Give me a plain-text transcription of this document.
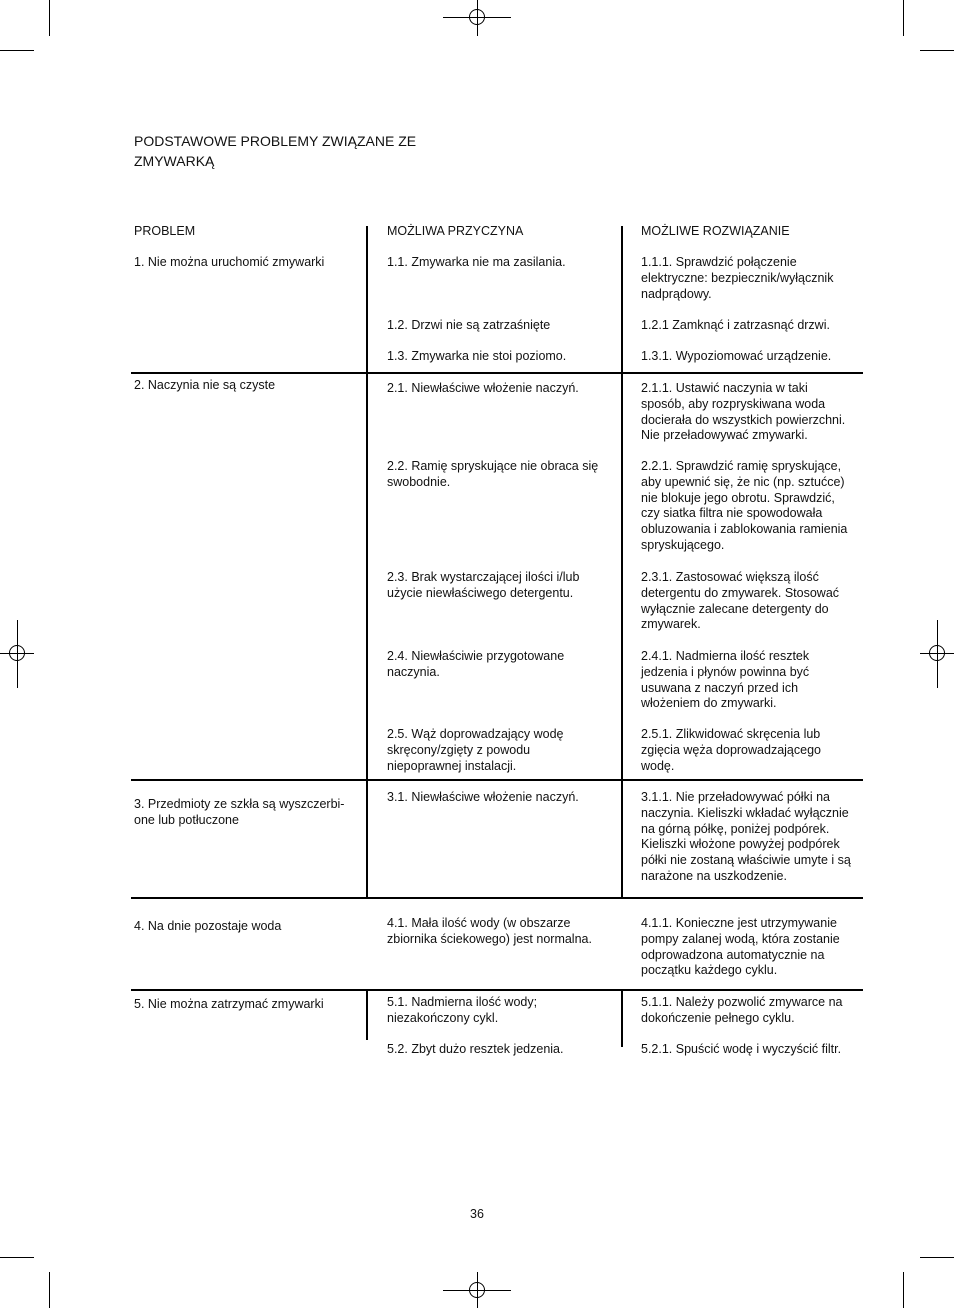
PODSTAWOWE PROBLEMY ZWIĄZANE ZE
ZMYWARKĄ
PROBLEM	MOŻLIWA PRZYCZYNA	MOŻLIWE ROZWIĄZANIE
1. Nie można uruchomić zmywarki
2. Naczynia nie są czyste
3. Przedmioty ze szkła są wyszczerbi-
one lub potłuczone
4. Na dnie pozostaje woda
5. Nie można zatrzymać zmywarki
1.1. Zmywarka nie ma zasilania.
1.2. Drzwi nie są zatrzaśnięte
1.3. Zmywarka nie stoi poziomo.
2.1. Niewłaściwe włożenie naczyń.
2.2. Ramię spryskujące nie obraca się
swobodnie.
2.3. Brak wystarczającej ilości i/lub
użycie niewłaściwego detergentu.
2.4. Niewłaściwie przygotowane
naczynia.
2.5. Wąż doprowadzający wodę
skręcony/zgięty z powodu
niepoprawnej instalacji.
3.1. Niewłaściwe włożenie naczyń.
4.1. Mała ilość wody (w obszarze
zbiornika ściekowego) jest normalna.
5.1. Nadmierna ilość wody;
niezakończony cykl.
5.2. Zbyt dużo resztek jedzenia.
1.1.1. Sprawdzić połączenie
elektryczne: bezpiecznik/wyłącznik
nadprądowy.
1.2.1 Zamknąć i zatrzasnąć drzwi.
1.3.1. Wypoziomować urządzenie.
2.1.1. Ustawić naczynia w taki
sposób, aby rozpryskiwana woda
docierała do wszystkich powierzchni.
Nie przeładowywać zmywarki.
2.2.1. Sprawdzić ramię spryskujące,
aby upewnić się, że nic (np. sztućce)
nie blokuje jego obrotu. Sprawdzić,
czy siatka filtra nie spowodowała
obluzowania i zablokowania ramienia
spryskującego.
2.3.1. Zastosować większą ilość
detergentu do zmywarek. Stosować
wyłącznie zalecane detergenty do
zmywarek.
2.4.1. Nadmierna ilość resztek
jedzenia i płynów powinna być
usuwana z naczyń przed ich
włożeniem do zmywarki.
2.5.1. Zlikwidować skręcenia lub
zgięcia węża doprowadzającego
wodę.
3.1.1. Nie przeładowywać półki na
naczynia. Kieliszki wkładać wyłącznie
na górną półkę, poniżej podpórek.
Kieliszki włożone powyżej podpórek
półki nie zostaną właściwie umyte i są
narażone na uszkodzenie.
4.1.1. Konieczne jest utrzymywanie
pompy zalanej wodą, która zostanie
odprowadzona automatycznie na
początku każdego cyklu.
5.1.1. Należy pozwolić zmywarce na
dokończenie pełnego cyklu.
5.2.1. Spuścić wodę i wyczyścić filtr.
36
